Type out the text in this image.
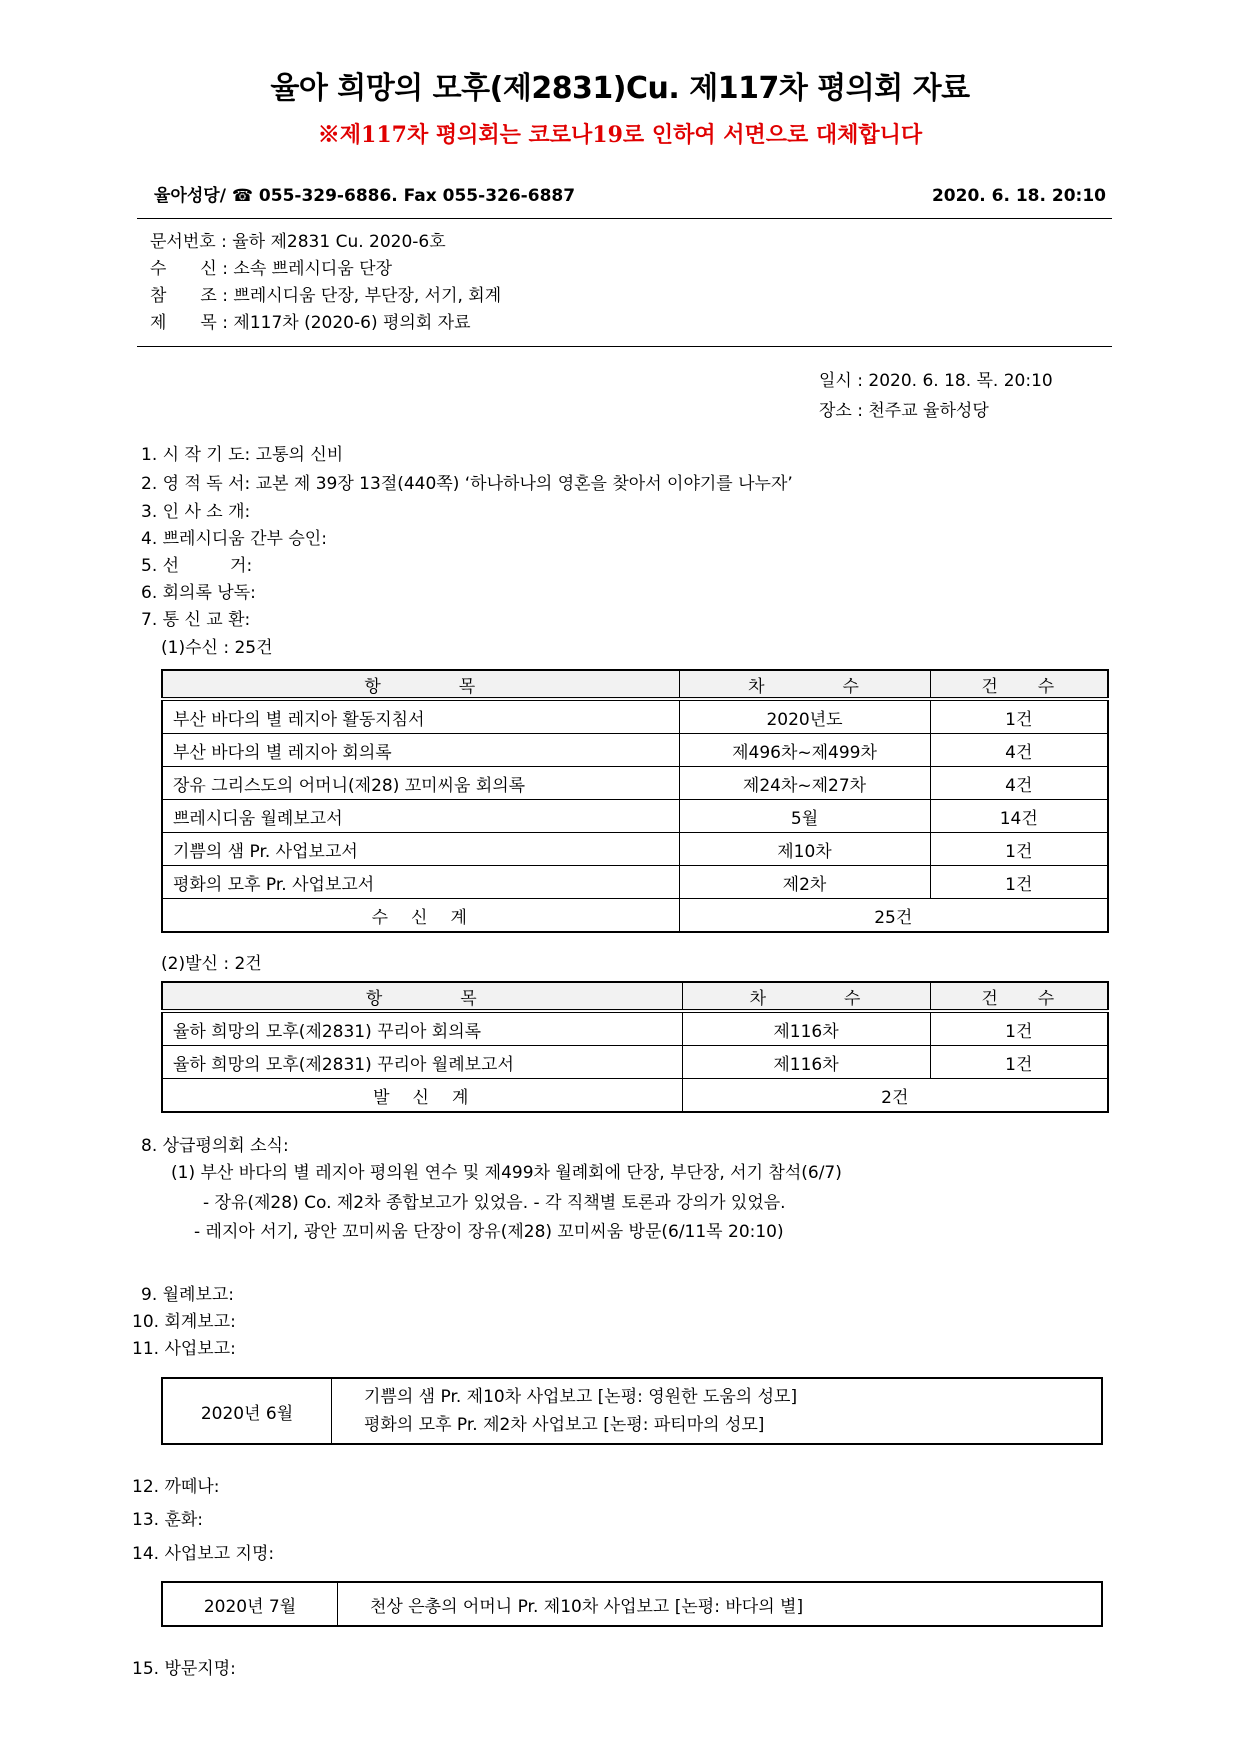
율아 희망의 모후(제2831)Cu. 제117차 평의회 자료
※제117차 평의회는 코로나19로 인하여 서면으로 대체합니다
율아성당/ ☎ 055-329-6886. Fax 055-326-6887	2020. 6. 18. 20:10
문서번호 : 율하 제2831 Cu. 2020-6호
수　　신 : 소속 쁘레시디움 단장
참　　조 : 쁘레시디움 단장, 부단장, 서기, 회계
제　　목 : 제117차 (2020-6) 평의회 자료
일시 : 2020. 6. 18. 목. 20:10
장소 : 천주교 율하성당
1. 시 작 기 도: 고통의 신비
2. 영 적 독 서: 교본 제 39장 13절(440쪽) ‘하나하나의 영혼을 찾아서 이야기를 나누자’
3. 인 사 소 개:
4. 쁘레시디움 간부 승인:
5. 선　　　거:
6. 회의록 낭독:
7. 통 신 교 환:
(1)수신 : 25건
항　　　　목	차　　　　수	건　　수
부산 바다의 별 레지아 활동지침서	2020년도	1건
부산 바다의 별 레지아 회의록	제496차~제499차	4건
장유 그리스도의 어머니(제28) 꼬미씨움 회의록	제24차~제27차	4건
쁘레시디움 월례보고서	5월	14건
기쁨의 샘 Pr. 사업보고서	제10차	1건
평화의 모후 Pr. 사업보고서	제2차	1건
수　신　계	25건	
(2)발신 : 2건
항　　　　목	차　　　　수	건　　수
율하 희망의 모후(제2831) 꾸리아 회의록	제116차	1건
율하 희망의 모후(제2831) 꾸리아 월례보고서	제116차	1건
발　신　계	2건	
8. 상급평의회 소식:
(1) 부산 바다의 별 레지아 평의원 연수 및 제499차 월례회에 단장, 부단장, 서기 참석(6/7)
- 장유(제28) Co. 제2차 종합보고가 있었음. - 각 직책별 토론과 강의가 있었음.
- 레지아 서기, 광안 꼬미씨움 단장이 장유(제28) 꼬미씨움 방문(6/11목 20:10)
9. 월례보고:
10. 회계보고:
11. 사업보고:
2020년 6월	
기쁨의 샘 Pr. 제10차 사업보고 [논평: 영원한 도움의 성모]
평화의 모후 Pr. 제2차 사업보고 [논평: 파티마의 성모]
12. 까떼나:
13. 훈화:
14. 사업보고 지명:
2020년 7월	천상 은총의 어머니 Pr. 제10차 사업보고 [논평: 바다의 별]
15. 방문지명:
